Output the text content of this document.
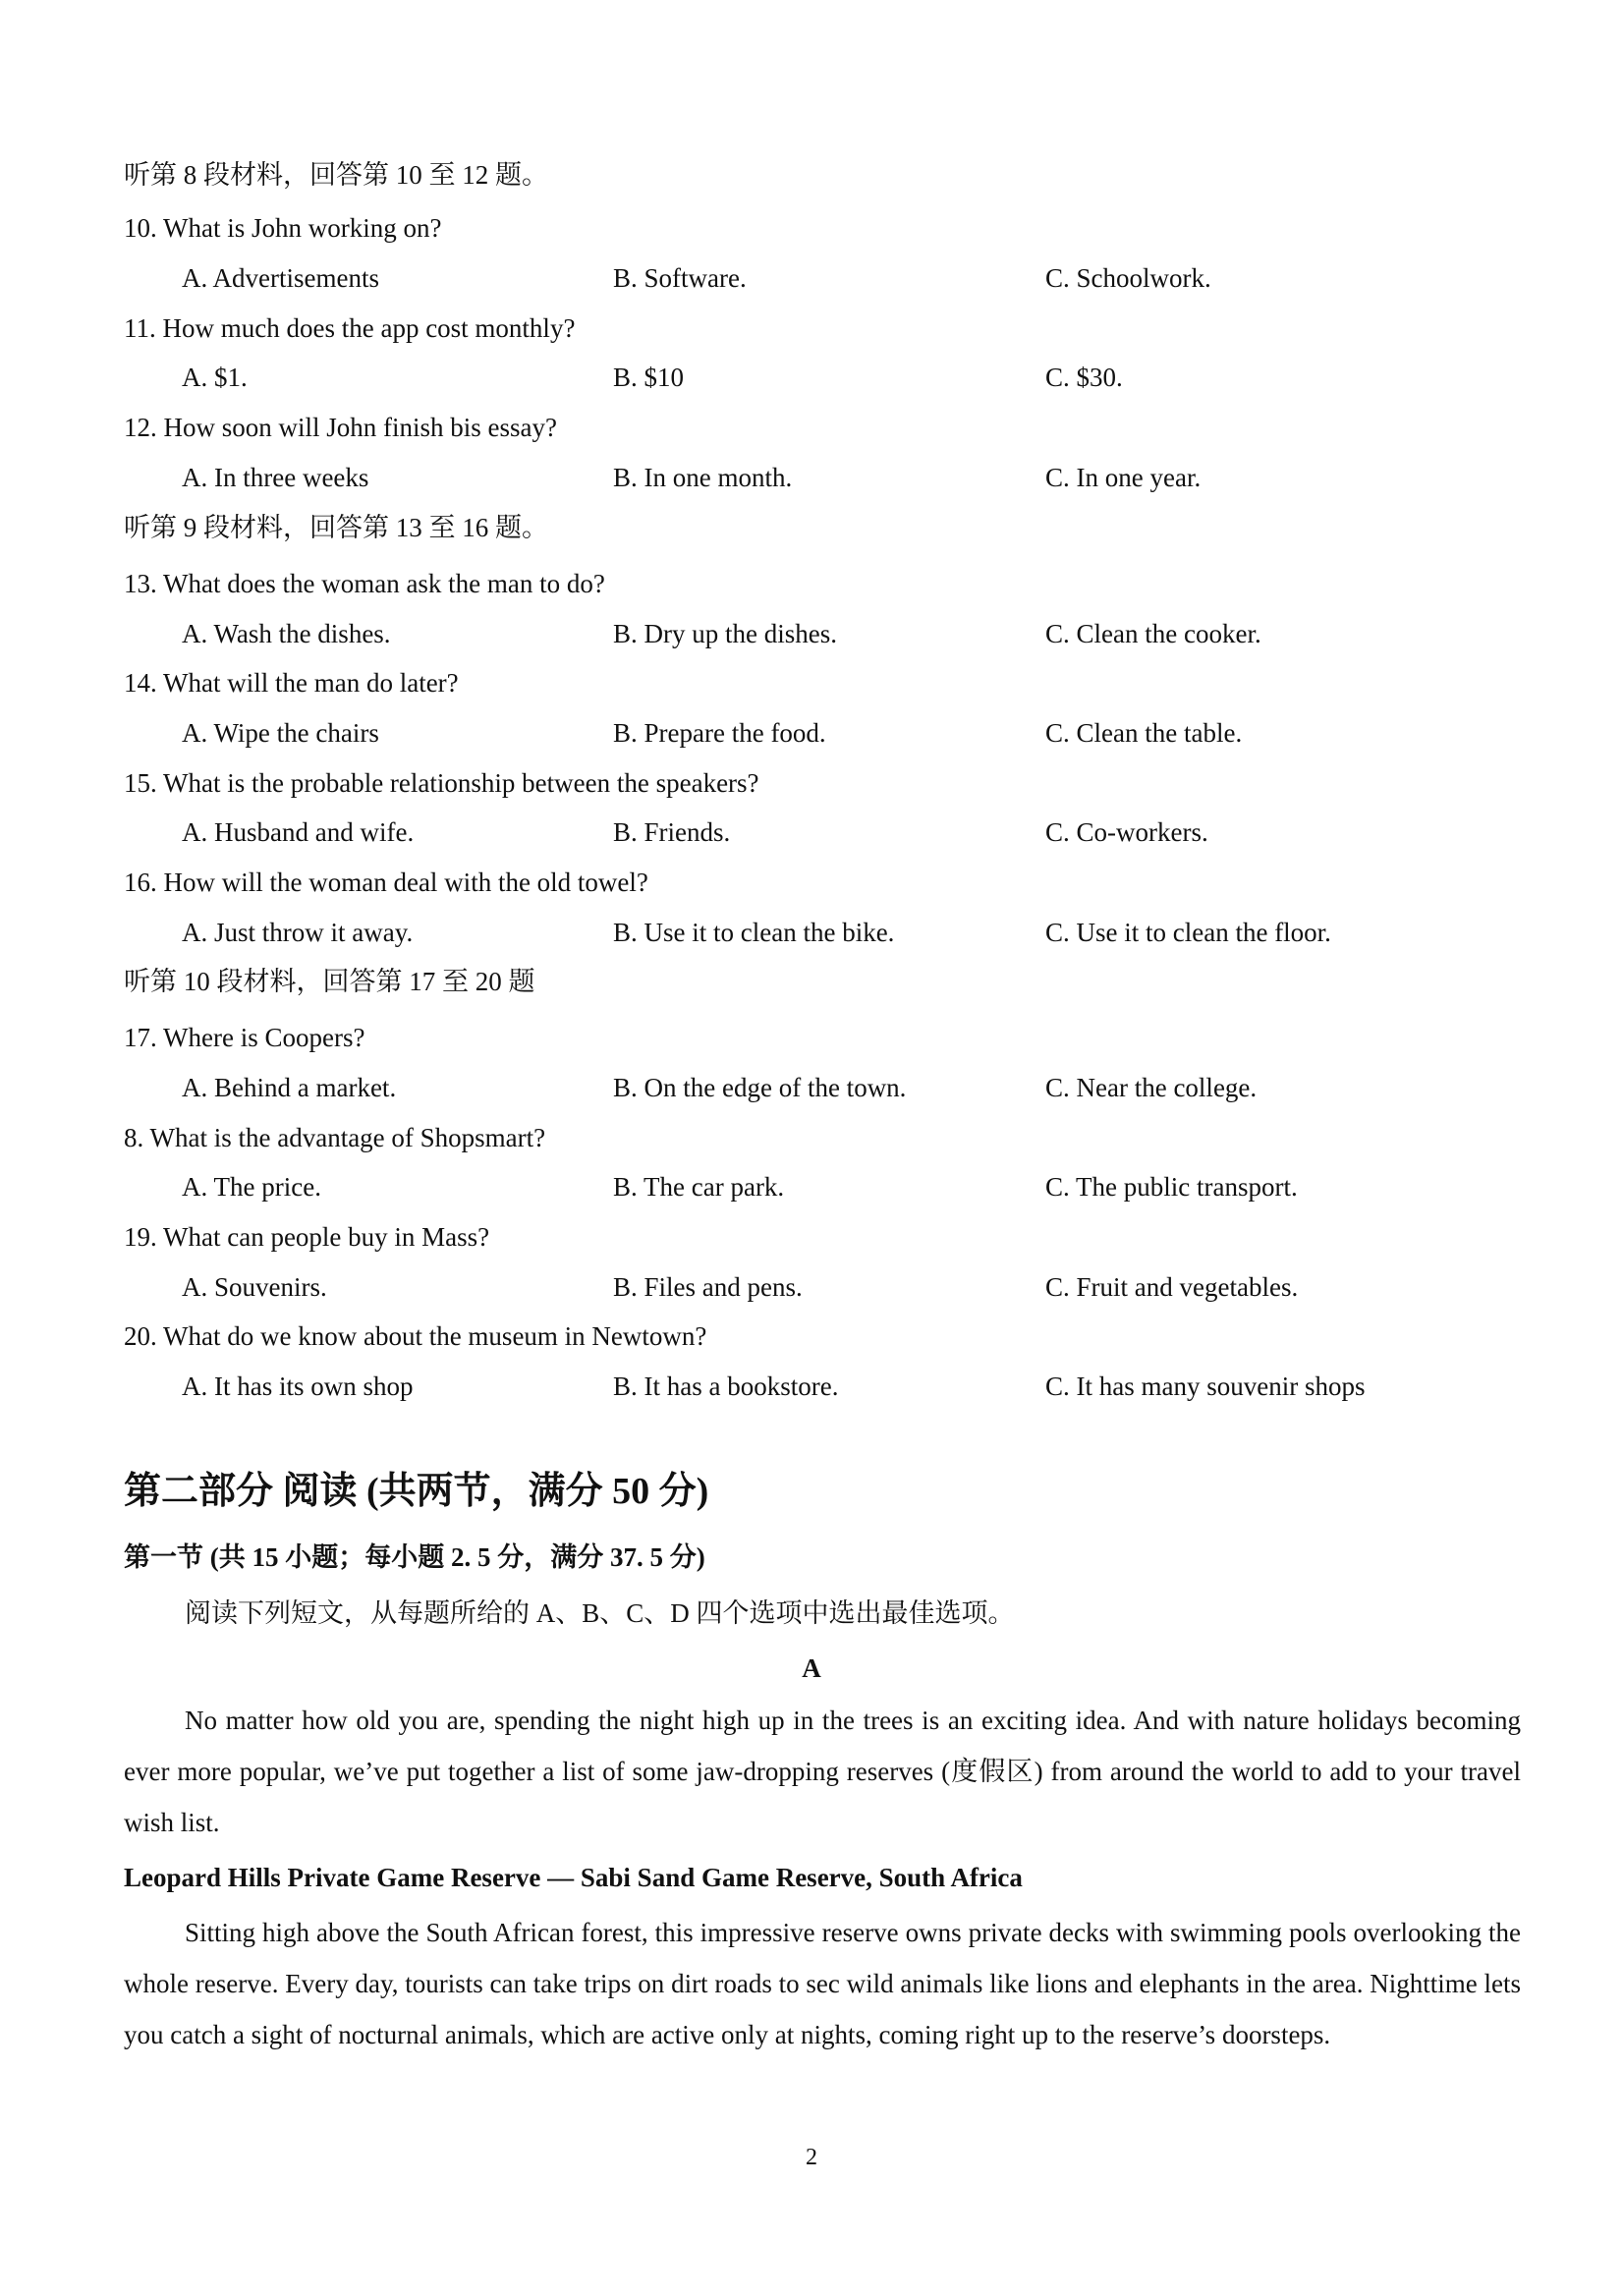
听第 8 段材料，回答第 10 至 12 题。
10. What is John working on?
A. Advertisements	B. Software.	C. Schoolwork.
11. How much does the app cost monthly?
A. $1.	B. $10	C. $30.
12. How soon will John finish bis essay?
A. In three weeks	B. In one month.	C. In one year.
听第 9 段材料，回答第 13 至 16 题。
13. What does the woman ask the man to do?
A. Wash the dishes.	B. Dry up the dishes.	C. Clean the cooker.
14. What will the man do later?
A. Wipe the chairs	B. Prepare the food.	C. Clean the table.
15. What is the probable relationship between the speakers?
A. Husband and wife.	B. Friends.	C. Co-workers.
16. How will the woman deal with the old towel?
A. Just throw it away.	B. Use it to clean the bike.	C. Use it to clean the floor.
听第 10 段材料，回答第 17 至 20 题
17. Where is Coopers?
A. Behind a market.	B. On the edge of the town.	C. Near the college.
8. What is the advantage of Shopsmart?
A. The price.	B. The car park.	C. The public transport.
19. What can people buy in Mass?
A. Souvenirs.	B. Files and pens.	C. Fruit and vegetables.
20. What do we know about the museum in Newtown?
A. It has its own shop	B. It has a bookstore.	C. It has many souvenir shops
第二部分 阅读 (共两节，满分 50 分)
第一节 (共 15 小题；每小题 2. 5 分，满分 37. 5 分)
阅读下列短文，从每题所给的 A、B、C、D 四个选项中选出最佳选项。
A

No matter how old you are, spending the night high up in the trees is an exciting idea. And with nature holidays becoming ever more popular, we’ve put together a list of some jaw-dropping reserves (度假区) from around the world to add to your travel wish list.

Leopard Hills Private Game Reserve — Sabi Sand Game Reserve, South Africa

Sitting high above the South African forest, this impressive reserve owns private decks with swimming pools overlooking the whole reserve. Every day, tourists can take trips on dirt roads to sec wild animals like lions and elephants in the area. Nighttime lets you catch a sight of nocturnal animals, which are active only at nights, coming right up to the reserve’s doorsteps.

2
